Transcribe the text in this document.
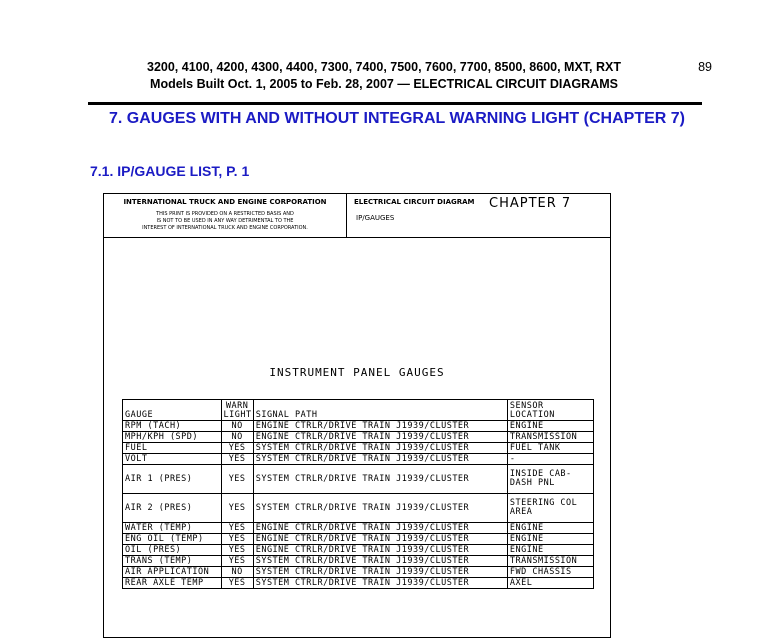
3200, 4100, 4200, 4300, 4400, 7300, 7400, 7500, 7600, 7700, 8500, 8600, MXT, RXT
Models Built Oct. 1, 2005 to Feb. 28, 2007 — ELECTRICAL CIRCUIT DIAGRAMS
89
7. GAUGES WITH AND WITHOUT INTEGRAL WARNING LIGHT (CHAPTER 7)
7.1. IP/GAUGE LIST, P. 1
INTERNATIONAL TRUCK AND ENGINE CORPORATION
THIS PRINT IS PROVIDED ON A RESTRICTED BASIS AND
IS NOT TO BE USED IN ANY WAY DETRIMENTAL TO THE
INTEREST OF INTERNATIONAL TRUCK AND ENGINE CORPORATION.
ELECTRICAL CIRCUIT DIAGRAM CHAPTER 7
IP/GAUGES
INSTRUMENT PANEL GAUGES
GAUGE	WARN LIGHT	SIGNAL PATH	SENSOR LOCATION
RPM (TACH)	NO	ENGINE CTRLR/DRIVE TRAIN J1939/CLUSTER	ENGINE
MPH/KPH (SPD)	NO	ENGINE CTRLR/DRIVE TRAIN J1939/CLUSTER	TRANSMISSION
FUEL	YES	SYSTEM CTRLR/DRIVE TRAIN J1939/CLUSTER	FUEL TANK
VOLT	YES	SYSTEM CTRLR/DRIVE TRAIN J1939/CLUSTER	-
AIR 1 (PRES)	YES	SYSTEM CTRLR/DRIVE TRAIN J1939/CLUSTER	INSIDE CAB-DASH PNL
AIR 2 (PRES)	YES	SYSTEM CTRLR/DRIVE TRAIN J1939/CLUSTER	STEERING COL AREA
WATER (TEMP)	YES	ENGINE CTRLR/DRIVE TRAIN J1939/CLUSTER	ENGINE
ENG OIL (TEMP)	YES	ENGINE CTRLR/DRIVE TRAIN J1939/CLUSTER	ENGINE
OIL (PRES)	YES	ENGINE CTRLR/DRIVE TRAIN J1939/CLUSTER	ENGINE
TRANS (TEMP)	YES	SYSTEM CTRLR/DRIVE TRAIN J1939/CLUSTER	TRANSMISSION
AIR APPLICATION	NO	SYSTEM CTRLR/DRIVE TRAIN J1939/CLUSTER	FWD CHASSIS
REAR AXLE TEMP	YES	SYSTEM CTRLR/DRIVE TRAIN J1939/CLUSTER	AXEL
